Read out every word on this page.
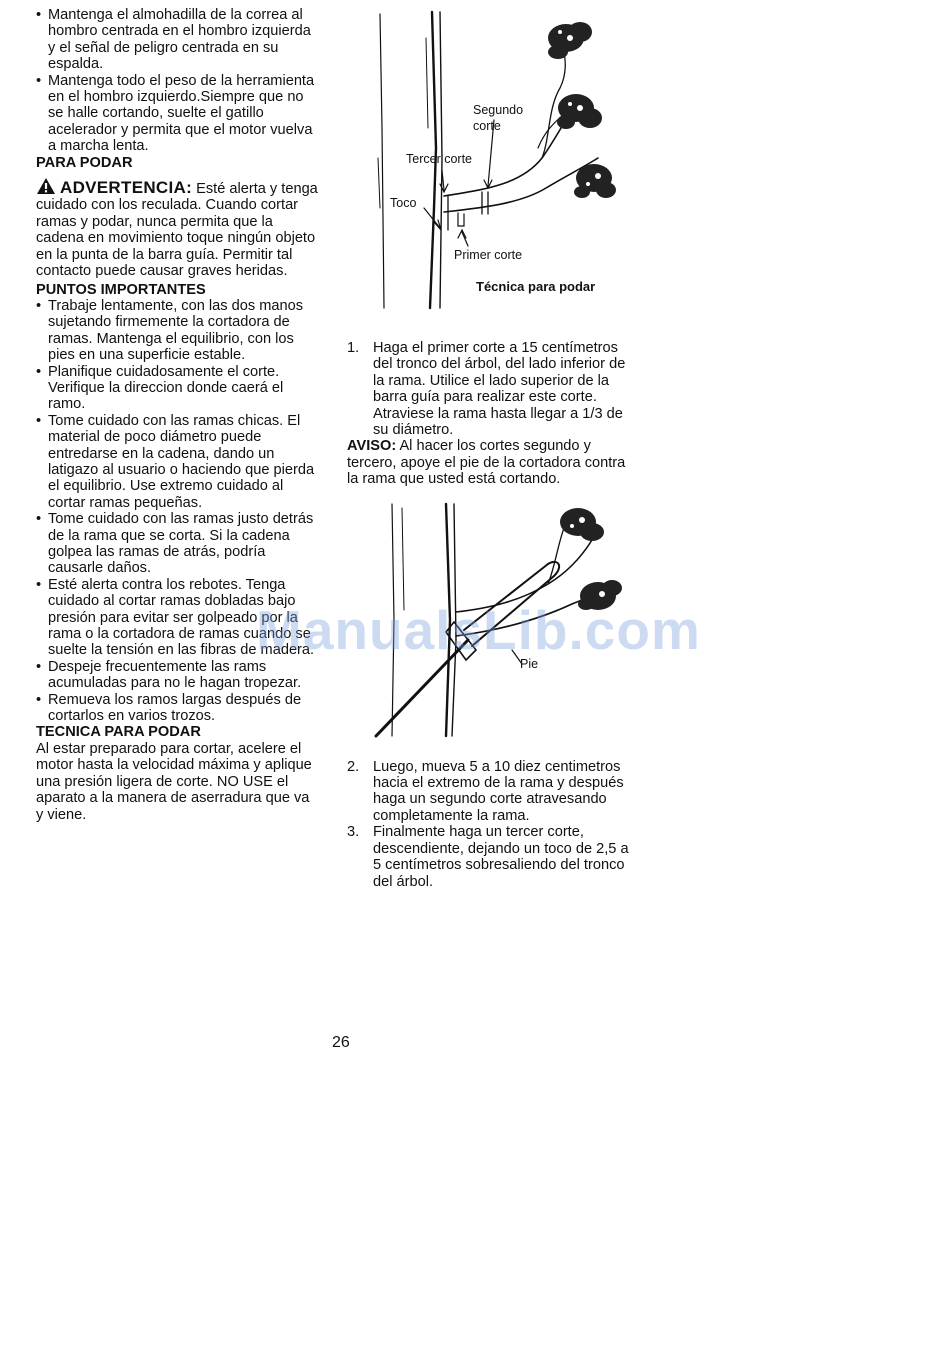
• Mantenga el almohadilla de la correa al hombro centrada en el hombro izquierda y el señal de peligro centrada en su espalda.
• Mantenga todo el peso de la herramienta en el hombro izquierdo.Siempre que no se halle cortando, suelte el gatillo acelerador y permita que el motor vuelva a marcha lenta.
PARA PODAR
ADVERTENCIA: Esté alerta y tenga cuidado con los reculada. Cuando cortar ramas y podar, nunca permita que la cadena en movimiento toque ningún objeto en la punta de la barra guía. Permitir tal contacto puede causar graves heridas.
PUNTOS IMPORTANTES
• Trabaje lentamente, con las dos manos sujetando firmemente la cortadora de ramas. Mantenga el equilibrio, con los pies en una superficie estable.
• Planifique cuidadosamente el corte. Verifique la direccion donde caerá el ramo.
• Tome cuidado con las ramas chicas. El material de poco diámetro puede entredarse en la cadena, dando un latigazo al usuario o haciendo que pierda el equilibrio. Use extremo cuidado al cortar ramas pequeñas.
• Tome cuidado con las ramas justo detrás de la rama que se corta. Si la cadena golpea las ramas de atrás, podría causarle daños.
• Esté alerta contra los rebotes. Tenga cuidado al cortar ramas dobladas bajo presión para evitar ser golpeado por la rama o la cortadora de ramas cuando se suelte la tensión en las fibras de madera.
• Despeje frecuentemente las rams acumuladas para no le hagan tropezar.
• Remueva los ramos largas después de cortarlos en varios trozos.
TECNICA PARA PODAR

Al estar preparado para cortar, acelere el motor hasta la velocidad máxima y aplique una presión ligera de corte. NO USE el aparato a la manera de aserradura que va y viene.

Segundo
corte
Tercer corte
Toco
Primer corte
Técnica para podar
1. Haga el primer corte a 15 centímetros del tronco del árbol, del lado inferior de la rama. Utilice el lado superior de la barra guía para realizar este corte. Atraviese la rama hasta llegar a 1/3 de su diámetro.

AVISO: Al hacer los cortes segundo y tercero, apoye el pie de la cortadora contra la rama que usted está cortando.

2. Luego, mueva 5 a 10 diez centimetros hacia el extremo de la rama y después haga un segundo corte atravesando completamente la rama.
3. Finalmente haga un tercer corte, descendiente, dejando un toco de 2,5 a 5 centímetros sobresaliendo del tronco del árbol.
Pie
ManualsLib.com
26
